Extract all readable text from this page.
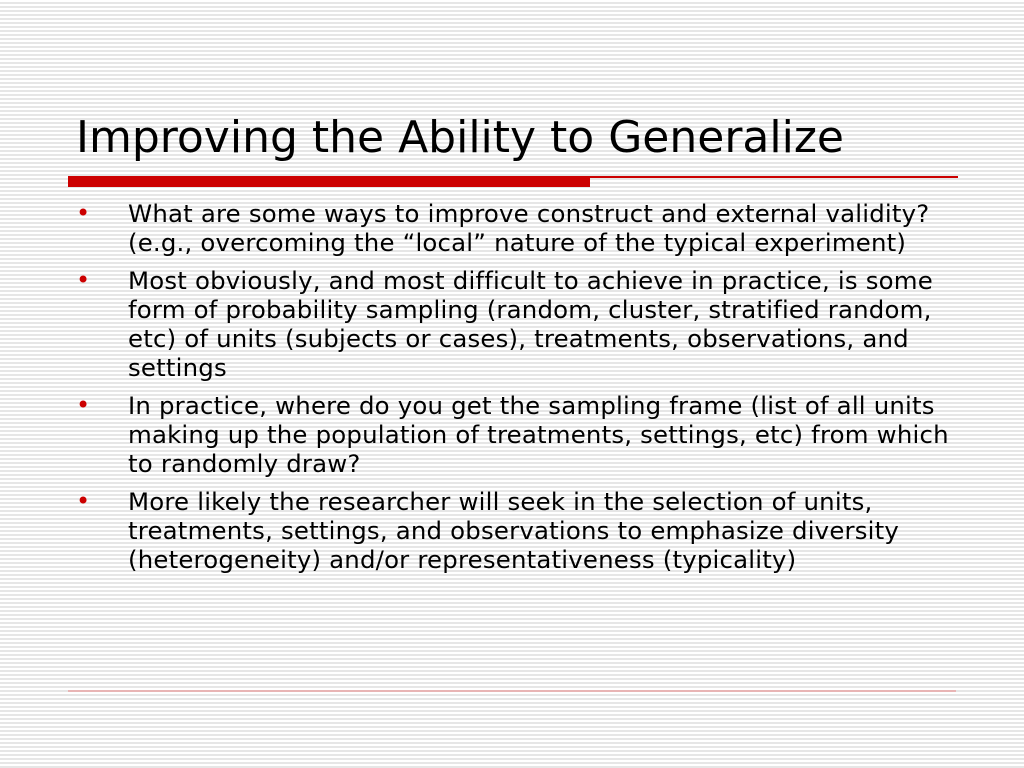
Improving the Ability to Generalize
• What are some ways to improve construct and external validity? (e.g., overcoming the “local” nature of the typical experiment)
• Most obviously, and most difficult to achieve in practice, is some form of probability sampling (random, cluster, stratified random, etc) of units (subjects or cases), treatments, observations, and settings
• In practice, where do you get the sampling frame (list of all units making up the population of treatments, settings, etc) from which to randomly draw?
• More likely the researcher will seek in the selection of units, treatments, settings, and observations to emphasize diversity (heterogeneity) and/or representativeness (typicality)
